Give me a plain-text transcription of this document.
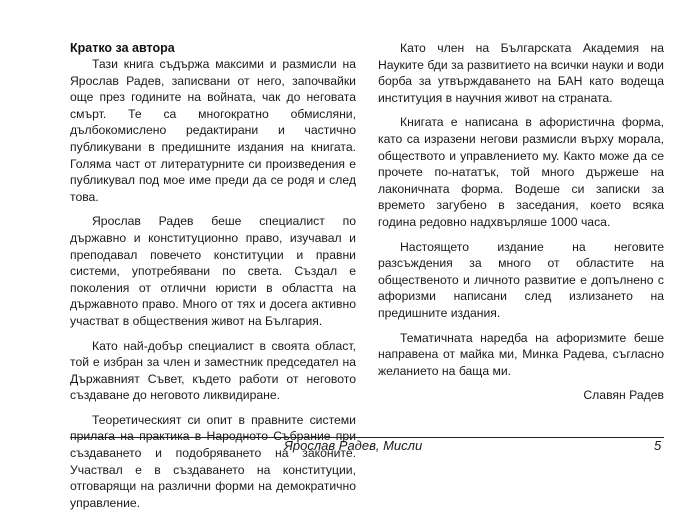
Кратко за автора

Тази книга съдържа максими и размисли на Ярослав Радев, записвани от него, започвайки още през годините на войната, чак до неговата смърт. Те са многократно обмисляни, дълбокомислено редактирани и частично публикувани в предишните издания на книгата. Голяма част от литературните си произведения е публикувал под мое име преди да се родя и след това.

Ярослав Радев беше специалист по държавно и конституционно право, изучавал и преподавал повечето конституции и правни системи, употребявани по света. Създал е поколения от отлични юристи в областта на държавното право. Много от тях и досега активно участват в обществения живот на България.

Като най-добър специалист в своята област, той е избран за член и заместник председател на Държавният Съвет, където работи от неговото създаване до неговото ликвидиране.

Теоретическият си опит в правните системи прилага на практика в Народното Събрание при създаването и подобряването на законите. Участвал е в създаването на конституции, отговарящи на различни форми на демократично управление.

Като член на Българската Академия на Науките бди за развитието на всички науки и води борба за утвърждаването на БАН като водеща институция в научния живот на страната.

Книгата е написана в афористична форма, като са изразени негови размисли върху морала, обществото и управлението му. Както може да се прочете по-нататък, той много държеше на лаконичната форма. Водеше си записки за времето загубено в заседания, което всяка година редовно надхвърляше 1000 часа.

Настоящето издание на неговите разсъждения за много от областите на общественото и личното развитие е допълнено с афоризми написани след излизането на предишните издания.

Тематичната наредба на афоризмите беше направена от майка ми, Минка Радева, съгласно желанието на баща ми.

Славян Радев

Ярослав Радев, Мисли	5
